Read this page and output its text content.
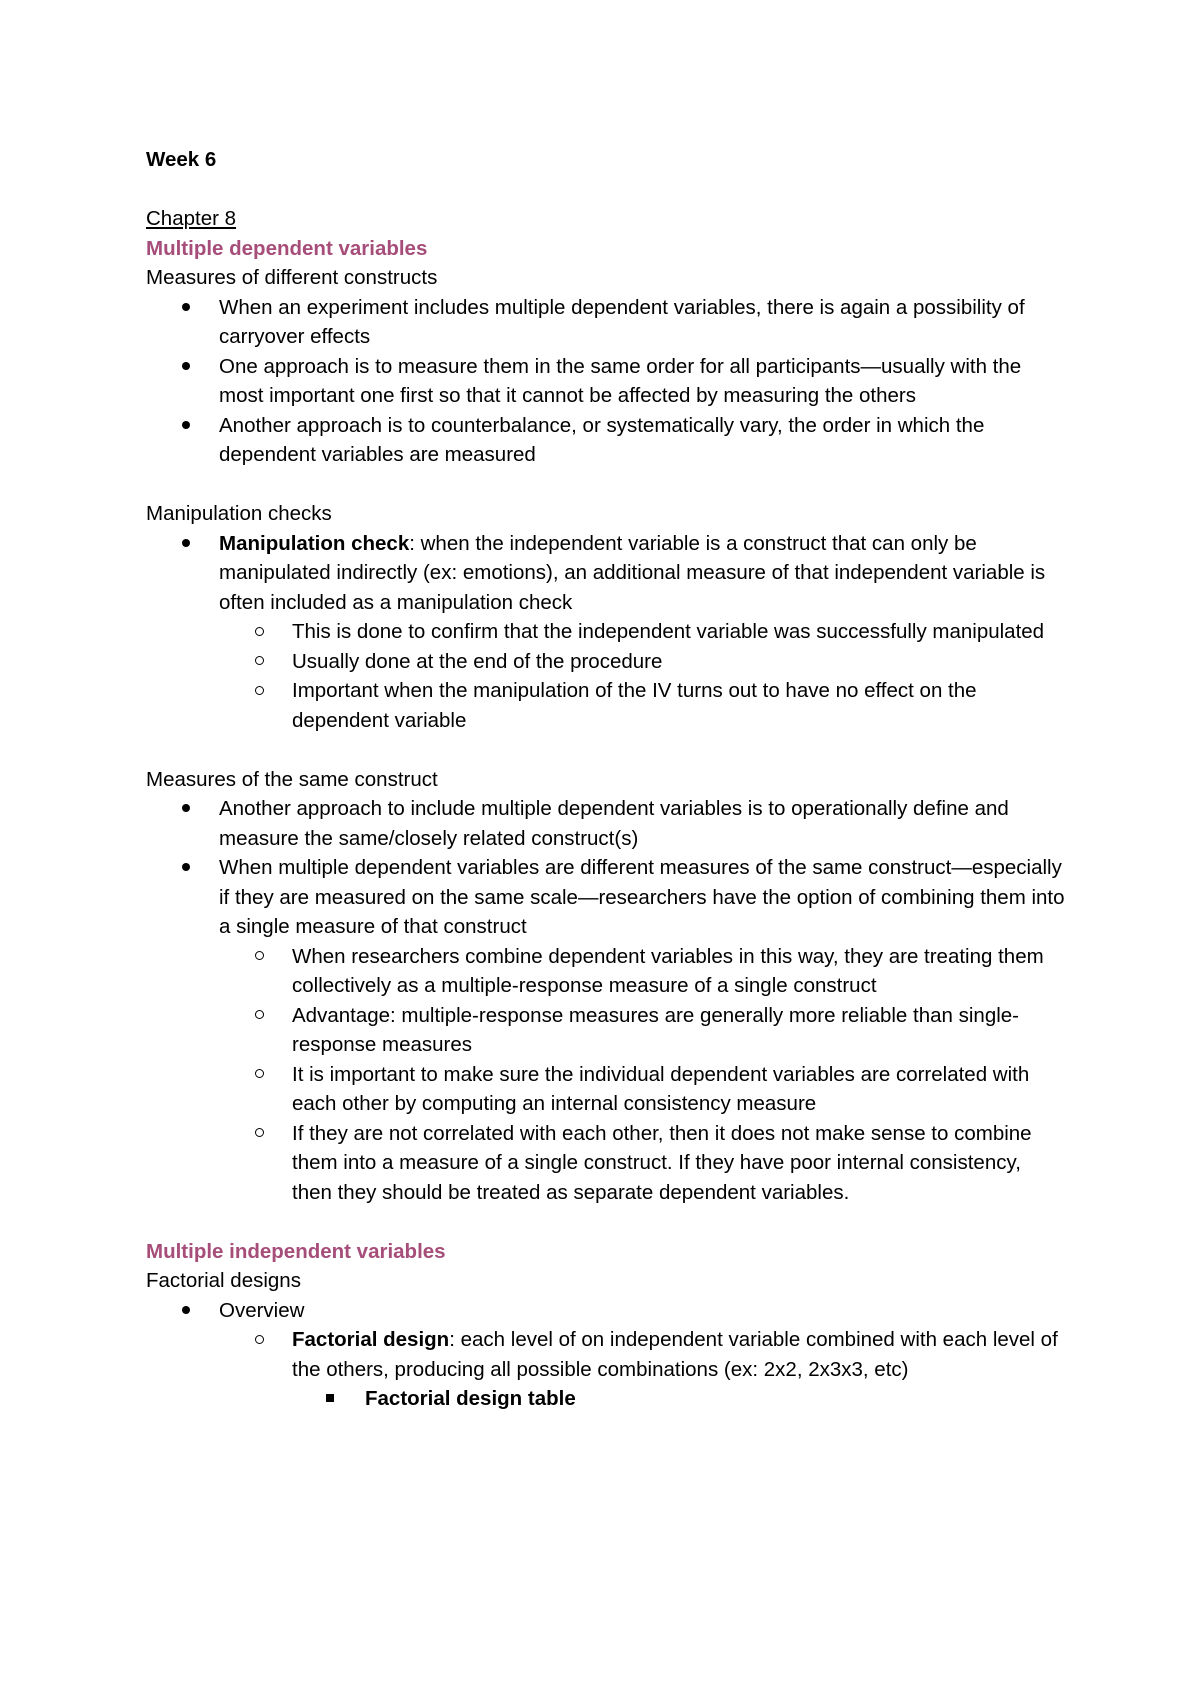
Week 6

Chapter 8

Multiple dependent variables

Measures of different constructs

When an experiment includes multiple dependent variables, there is again a possibility of carryover effects
One approach is to measure them in the same order for all participants—usually with the most important one first so that it cannot be affected by measuring the others
Another approach is to counterbalance, or systematically vary, the order in which the dependent variables are measured

Manipulation checks

Manipulation check: when the independent variable is a construct that can only be manipulated indirectly (ex: emotions), an additional measure of that independent variable is often included as a manipulation check
This is done to confirm that the independent variable was successfully manipulated
Usually done at the end of the procedure
Important when the manipulation of the IV turns out to have no effect on the dependent variable

Measures of the same construct

Another approach to include multiple dependent variables is to operationally define and measure the same/closely related construct(s)
When multiple dependent variables are different measures of the same construct—especially if they are measured on the same scale—researchers have the option of combining them into a single measure of that construct
When researchers combine dependent variables in this way, they are treating them collectively as a multiple-response measure of a single construct
Advantage: multiple-response measures are generally more reliable than single-response measures
It is important to make sure the individual dependent variables are correlated with each other by computing an internal consistency measure
If they are not correlated with each other, then it does not make sense to combine them into a measure of a single construct. If they have poor internal consistency, then they should be treated as separate dependent variables.

Multiple independent variables

Factorial designs

Overview
Factorial design: each level of on independent variable combined with each level of the others, producing all possible combinations (ex: 2x2, 2x3x3, etc)
Factorial design table
